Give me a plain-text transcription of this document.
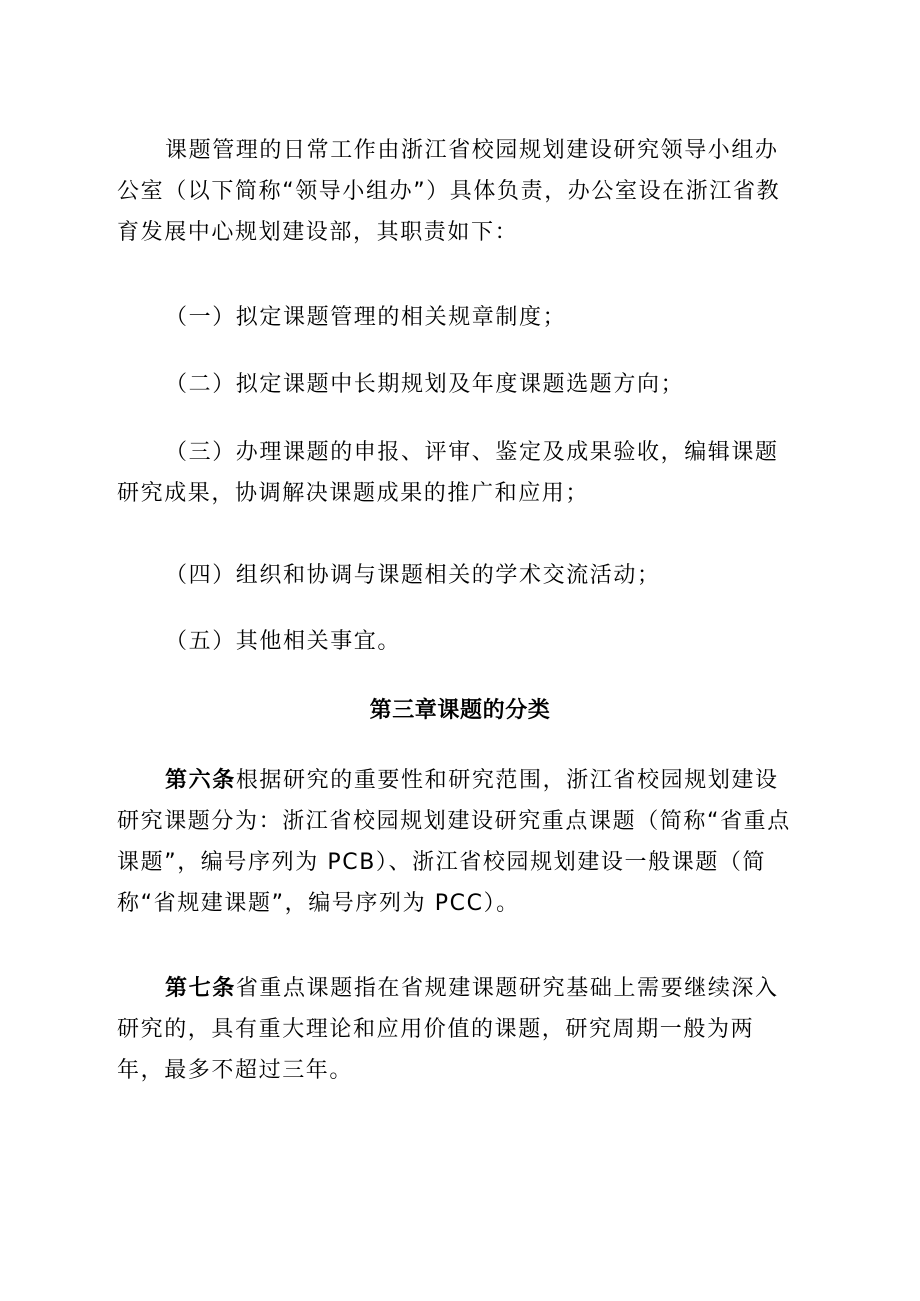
课题管理的日常工作由浙江省校园规划建设研究领导小组办公室（以下简称“领导小组办”）具体负责，办公室设在浙江省教育发展中心规划建设部，其职责如下：

（一）拟定课题管理的相关规章制度；

（二）拟定课题中长期规划及年度课题选题方向；

（三）办理课题的申报、评审、鉴定及成果验收，编辑课题研究成果，协调解决课题成果的推广和应用；

（四）组织和协调与课题相关的学术交流活动；

（五）其他相关事宜。

第三章课题的分类

第六条根据研究的重要性和研究范围，浙江省校园规划建设研究课题分为：浙江省校园规划建设研究重点课题（简称“省重点课题”，编号序列为 PCB）、浙江省校园规划建设一般课题（简称“省规建课题”，编号序列为 PCC）。

第七条省重点课题指在省规建课题研究基础上需要继续深入研究的，具有重大理论和应用价值的课题，研究周期一般为两年，最多不超过三年。
